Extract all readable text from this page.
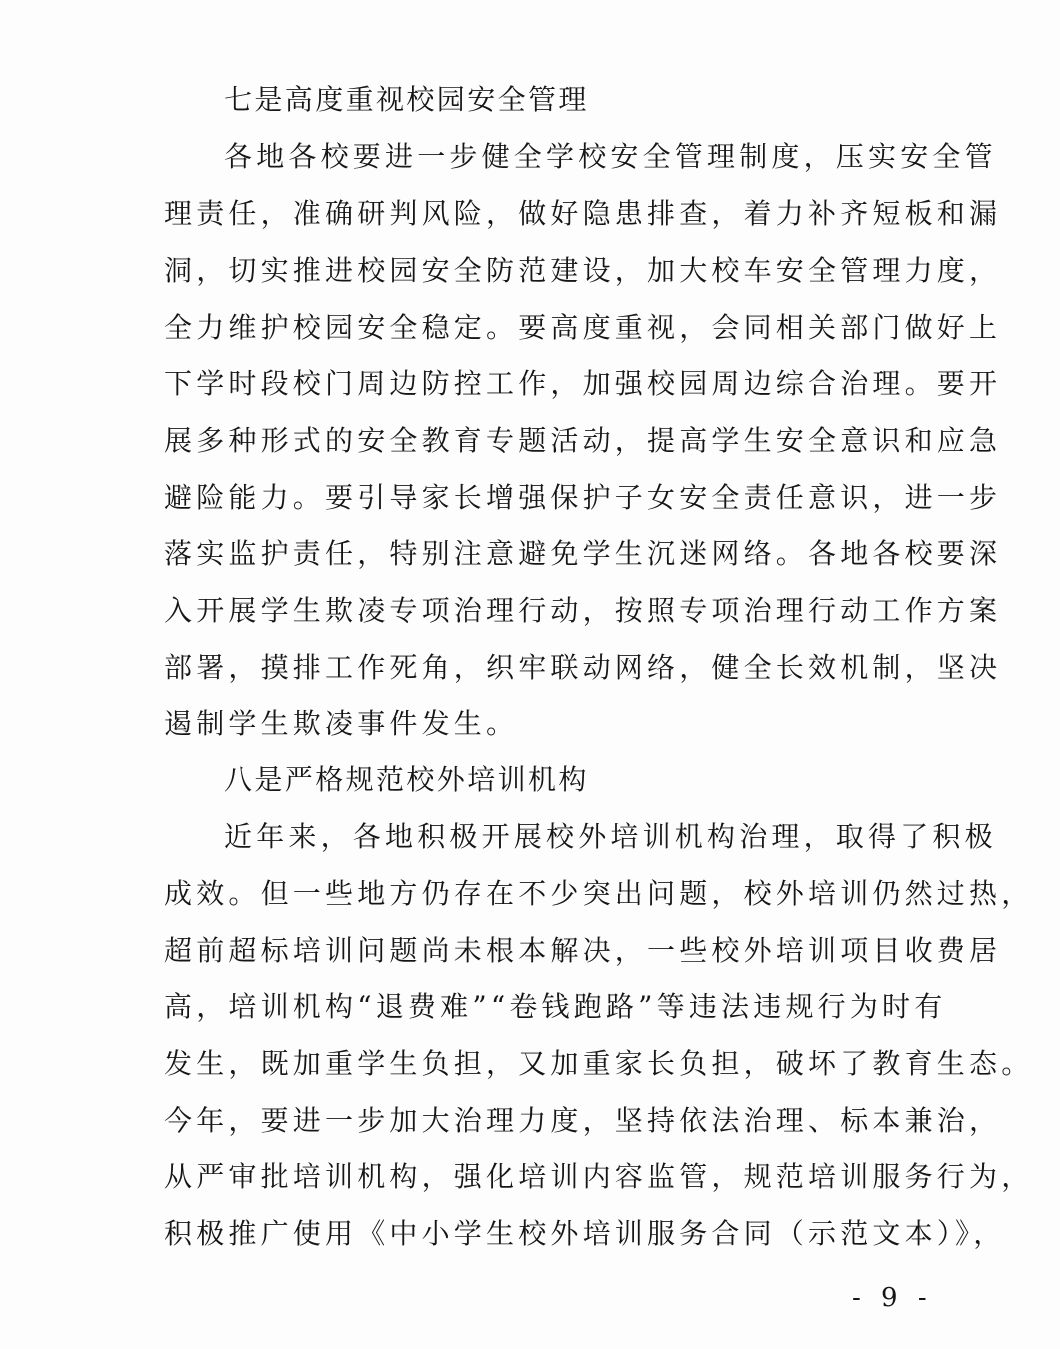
七是高度重视校园安全管理
各地各校要进一步健全学校安全管理制度，压实安全管
理责任，准确研判风险，做好隐患排查，着力补齐短板和漏
洞，切实推进校园安全防范建设，加大校车安全管理力度，
全力维护校园安全稳定。要高度重视，会同相关部门做好上
下学时段校门周边防控工作，加强校园周边综合治理。要开
展多种形式的安全教育专题活动，提高学生安全意识和应急
避险能力。要引导家长增强保护子女安全责任意识，进一步
落实监护责任，特别注意避免学生沉迷网络。各地各校要深
入开展学生欺凌专项治理行动，按照专项治理行动工作方案
部署，摸排工作死角，织牢联动网络，健全长效机制，坚决
遏制学生欺凌事件发生。
八是严格规范校外培训机构
近年来，各地积极开展校外培训机构治理，取得了积极
成效。但一些地方仍存在不少突出问题，校外培训仍然过热，
超前超标培训问题尚未根本解决，一些校外培训项目收费居
高，培训机构“退费难”“卷钱跑路”等违法违规行为时有
发生，既加重学生负担，又加重家长负担，破坏了教育生态。
今年，要进一步加大治理力度，坚持依法治理、标本兼治，
从严审批培训机构，强化培训内容监管，规范培训服务行为，
积极推广使用《中小学生校外培训服务合同（示范文本）》，
- 9 -
